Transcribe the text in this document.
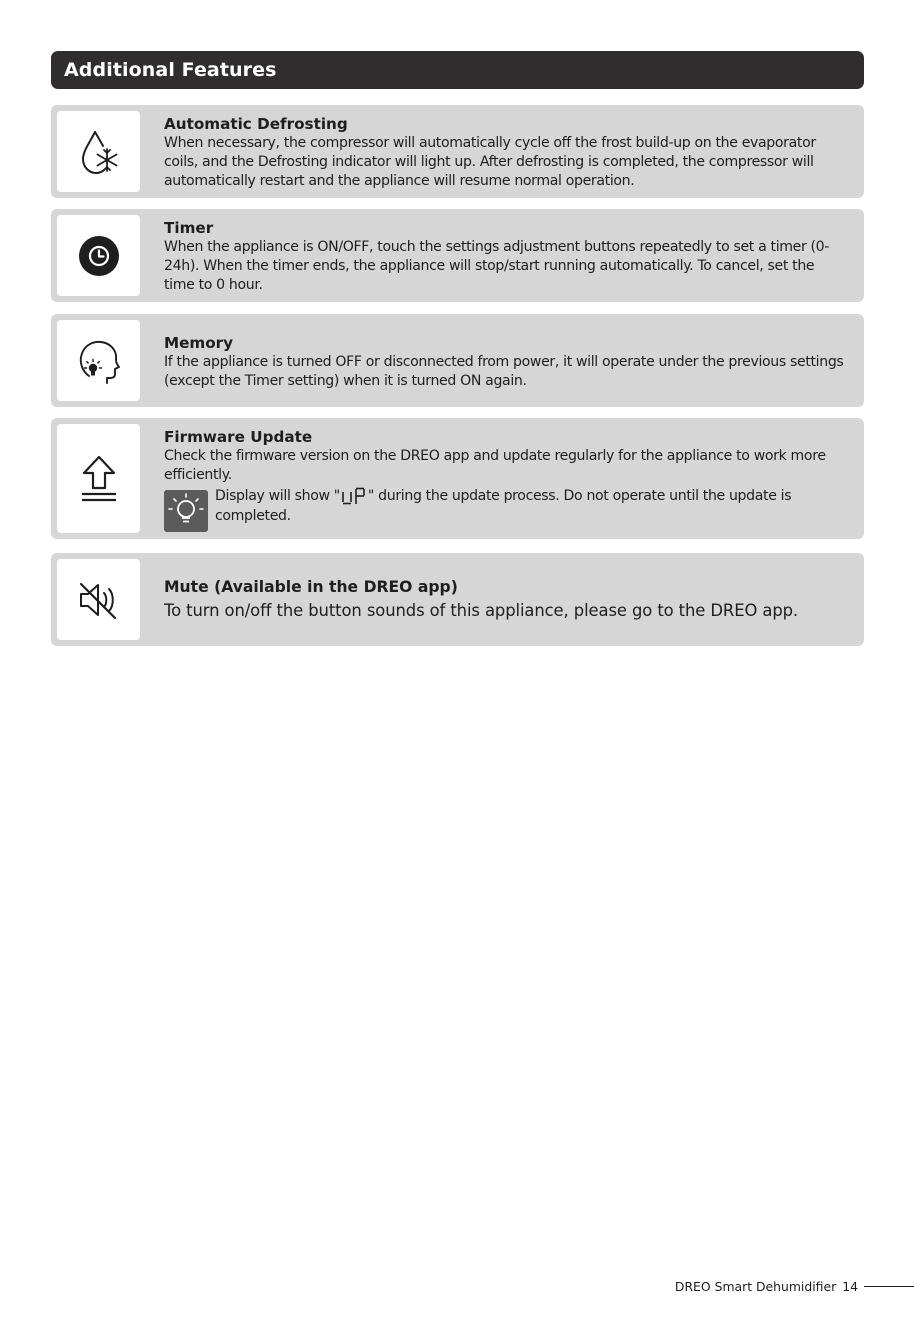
Additional Features
Automatic Defrosting
When necessary, the compressor will automatically cycle off the frost build-up on the evaporator coils, and the Defrosting indicator will light up. After defrosting is completed, the compressor will automatically restart and the appliance will resume normal operation.
Timer
When the appliance is ON/OFF, touch the settings adjustment buttons repeatedly to set a timer (0-24h). When the timer ends, the appliance will stop/start running automatically. To cancel, set the time to 0 hour.
Memory
If the appliance is turned OFF or disconnected from power, it will operate under the previous settings (except the Timer setting) when it is turned ON again.
Firmware Update
Check the firmware version on the DREO app and update regularly for the appliance to work more efficiently.
Display will show " " during the update process. Do not operate until the update is completed.
Mute (Available in the DREO app)
To turn on/off the button sounds of this appliance, please go to the DREO app.
DREO Smart Dehumidifier 14
